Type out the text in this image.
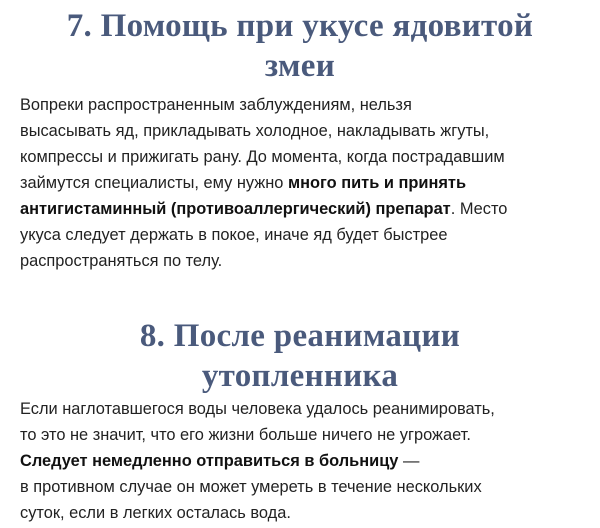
7. Помощь при укусе ядовитой
змеи
Вопреки распространенным заблуждениям, нельзя
высасывать яд, прикладывать холодное, накладывать жгуты,
компрессы и прижигать рану. До момента, когда пострадавшим
займутся специалисты, ему нужно много пить и принять
антигистаминный (противоаллергический) препарат. Место
укуса следует держать в покое, иначе яд будет быстрее
распространяться по телу.
8. После реанимации
утопленника
Если наглотавшегося воды человека удалось реанимировать,
то это не значит, что его жизни больше ничего не угрожает.
Следует немедленно отправиться в больницу —
в противном случае он может умереть в течение нескольких
суток, если в легких осталась вода.
